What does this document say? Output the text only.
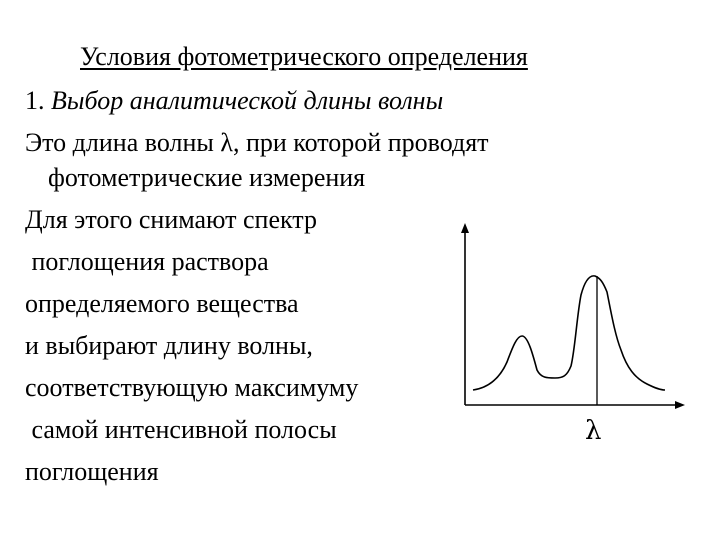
Условия фотометрического определения
1. Выбор аналитической длины волны
Это длина волны λ, при которой проводят
фотометрические измерения
Для этого снимают спектр
поглощения раствора
определяемого вещества
и выбирают длину волны,
соответствующую максимуму
самой интенсивной полосы
поглощения
λ
